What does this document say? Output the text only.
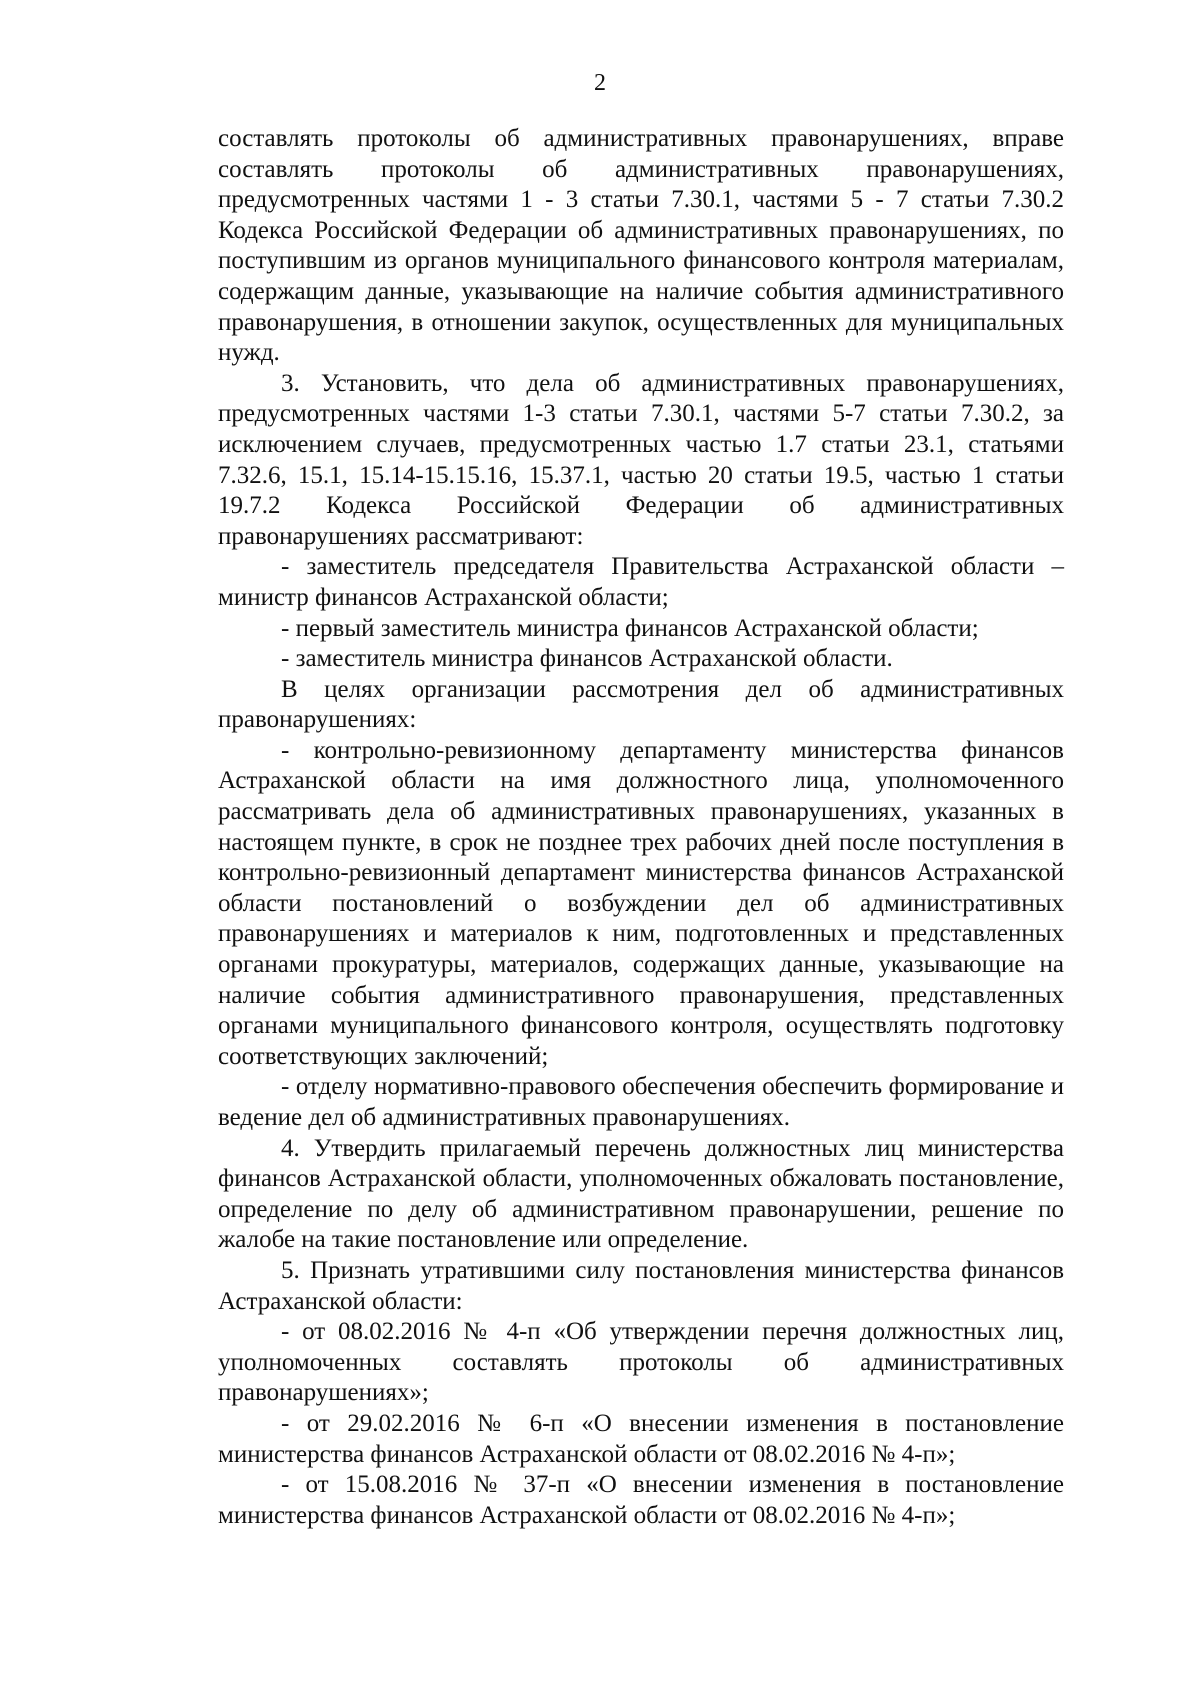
2

составлять протоколы об административных правонарушениях, вправе составлять протоколы об административных правонарушениях, предусмотренных частями 1 - 3 статьи 7.30.1, частями 5 - 7 статьи 7.30.2 Кодекса Российской Федерации об административных правонарушениях, по поступившим из органов муниципального финансового контроля материалам, содержащим данные, указывающие на наличие события административного правонарушения, в отношении закупок, осуществленных для муниципальных нужд.

3. Установить, что дела об административных правонарушениях, предусмотренных частями 1-3 статьи 7.30.1, частями 5-7 статьи 7.30.2, за исключением случаев, предусмотренных частью 1.7 статьи 23.1, статьями 7.32.6, 15.1, 15.14-15.15.16, 15.37.1, частью 20 статьи 19.5, частью 1 статьи 19.7.2 Кодекса Российской Федерации об административных правонарушениях рассматривают:

- заместитель председателя Правительства Астраханской области – министр финансов Астраханской области;

- первый заместитель министра финансов Астраханской области;

- заместитель министра финансов Астраханской области.

В целях организации рассмотрения дел об административных правонарушениях:

- контрольно-ревизионному департаменту министерства финансов Астраханской области на имя должностного лица, уполномоченного рассматривать дела об административных правонарушениях, указанных в настоящем пункте, в срок не позднее трех рабочих дней после поступления в контрольно-ревизионный департамент министерства финансов Астраханской области постановлений о возбуждении дел об административных правонарушениях и материалов к ним, подготовленных и представленных органами прокуратуры, материалов, содержащих данные, указывающие на наличие события административного правонарушения, представленных органами муниципального финансового контроля, осуществлять подготовку соответствующих заключений;

- отделу нормативно-правового обеспечения обеспечить формирование и ведение дел об административных правонарушениях.

4. Утвердить прилагаемый перечень должностных лиц министерства финансов Астраханской области, уполномоченных обжаловать постановление, определение по делу об административном правонарушении, решение по жалобе на такие постановление или определение.

5. Признать утратившими силу постановления министерства финансов Астраханской области:

- от 08.02.2016 № 4-п «Об утверждении перечня должностных лиц, уполномоченных составлять протоколы об административных правонарушениях»;

- от 29.02.2016 № 6-п «О внесении изменения в постановление министерства финансов Астраханской области от 08.02.2016 № 4-п»;

- от 15.08.2016 № 37-п «О внесении изменения в постановление министерства финансов Астраханской области от 08.02.2016 № 4-п»;
